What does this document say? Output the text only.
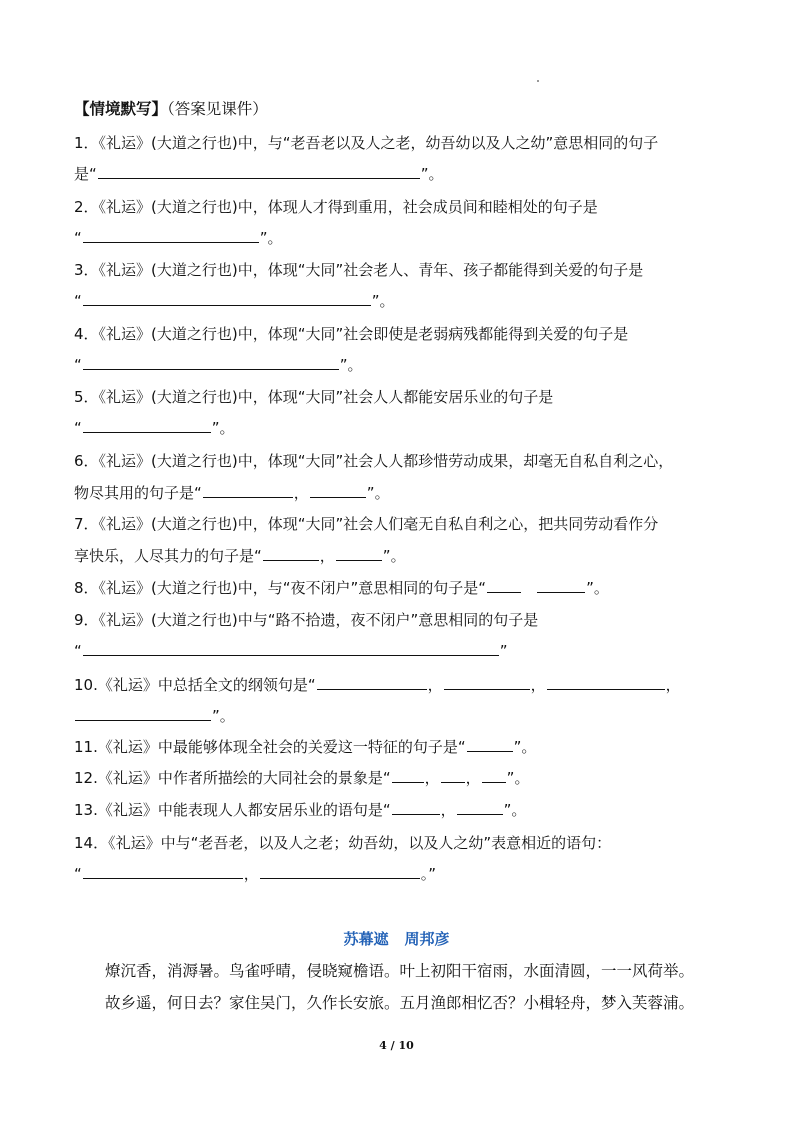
【情境默写】（答案见课件）
1．《礼运》(大道之行也)中，与“老吾老以及人之老，幼吾幼以及人之幼”意思相同的句子
是“	”。
2．《礼运》(大道之行也)中，体现人才得到重用，社会成员间和睦相处的句子是
“	”。
3．《礼运》(大道之行也)中，体现“大同”社会老人、青年、孩子都能得到关爱的句子是
“	”。
4．《礼运》(大道之行也)中，体现“大同”社会即使是老弱病残都能得到关爱的句子是
“	”。
5．《礼运》(大道之行也)中，体现“大同”社会人人都能安居乐业的句子是
“	”。
6．《礼运》(大道之行也)中，体现“大同”社会人人都珍惜劳动成果，却毫无自私自利之心，
物尽其用的句子是“	，	”。
7．《礼运》(大道之行也)中，体现“大同”社会人们毫无自私自利之心，把共同劳动看作分
享快乐，人尽其力的句子是“	，	”。
8．《礼运》(大道之行也)中，与“夜不闭户”意思相同的句子是“	”。
9．《礼运》(大道之行也)中与“路不拾遗，夜不闭户”意思相同的句子是
“	”
10.《礼运》中总括全文的纲领句是“	，	，	，
”。
11.《礼运》中最能够体现全社会的关爱这一特征的句子是“	”。
12.《礼运》中作者所描绘的大同社会的景象是“ ， ， ”。
13.《礼运》中能表现人人都安居乐业的语句是“	，	”。
14．《礼运》中与“老吾老，以及人之老；幼吾幼，以及人之幼”表意相近的语句：
“	，	。”
苏幕遮 周邦彦
燎沉香，消溽暑。鸟雀呼晴，侵晓窥檐语。叶上初阳干宿雨，水面清圆，一一风荷举。
故乡遥，何日去？家住吴门，久作长安旅。五月渔郎相忆否？小楫轻舟，梦入芙蓉浦。
4 / 10
